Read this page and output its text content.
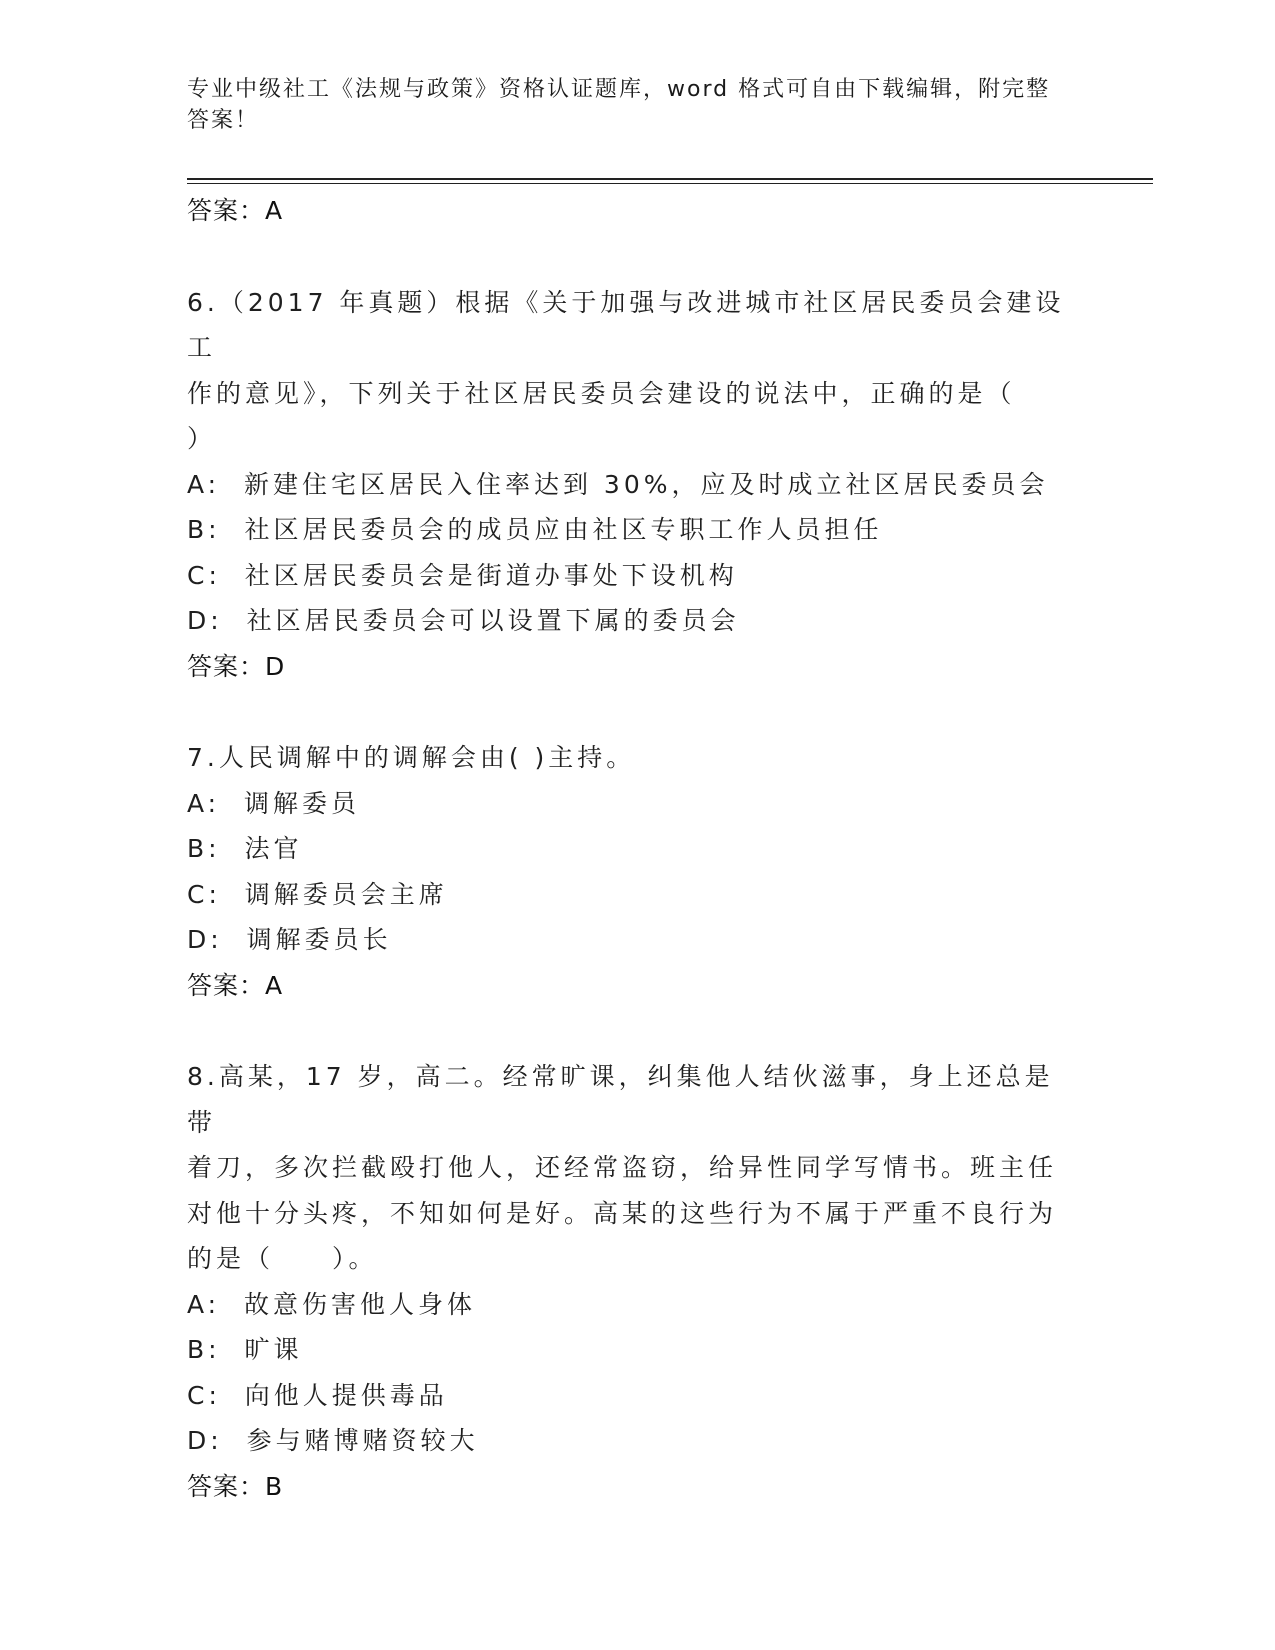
专业中级社工《法规与政策》资格认证题库，word 格式可自由下载编辑，附完整答案！
答案：A
6.（2017 年真题）根据《关于加强与改进城市社区居民委员会建设工
作的意见》，下列关于社区居民委员会建设的说法中，正确的是（
）
A:  新建住宅区居民入住率达到 30%，应及时成立社区居民委员会
B:  社区居民委员会的成员应由社区专职工作人员担任
C:  社区居民委员会是街道办事处下设机构
D:  社区居民委员会可以设置下属的委员会
答案：D
7.人民调解中的调解会由( )主持。
A:  调解委员
B:  法官
C:  调解委员会主席
D:  调解委员长
答案：A
8.高某，17 岁，高二。经常旷课，纠集他人结伙滋事，身上还总是带
着刀，多次拦截殴打他人，还经常盗窃，给异性同学写情书。班主任
对他十分头疼，不知如何是好。高某的这些行为不属于严重不良行为
的是（　　）。
A:  故意伤害他人身体
B:  旷课
C:  向他人提供毒品
D:  参与赌博赌资较大
答案：B
